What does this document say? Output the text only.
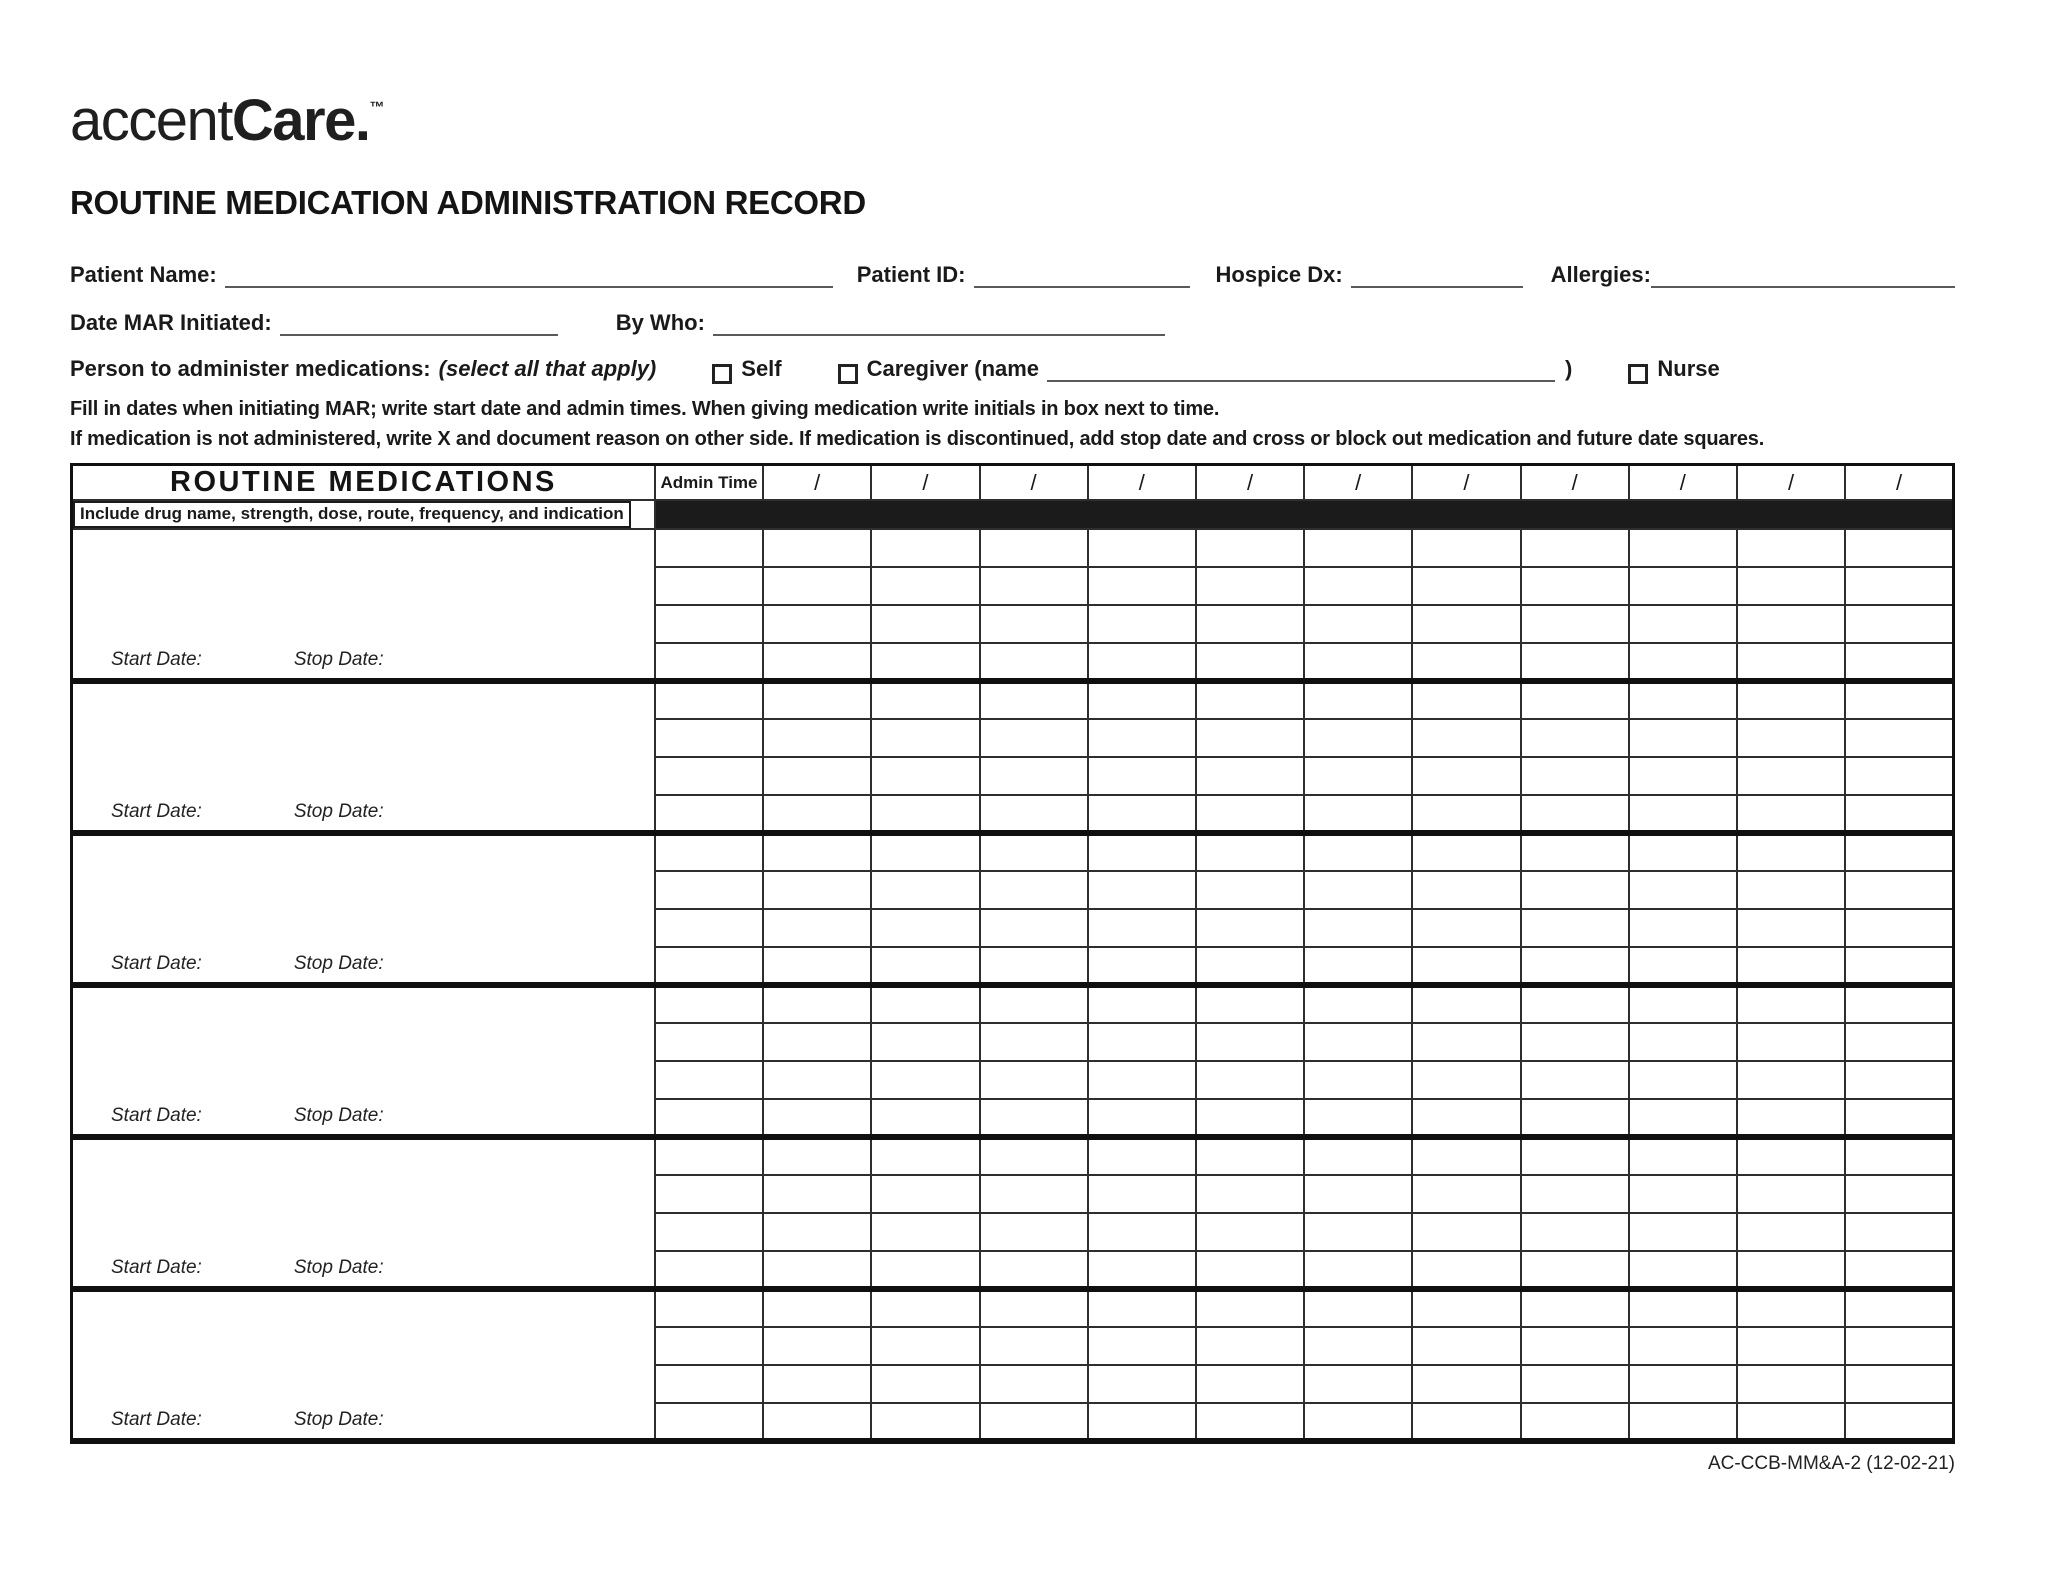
accentCare.™
ROUTINE MEDICATION ADMINISTRATION RECORD
Patient Name:	Patient ID:	Hospice Dx:	Allergies:
Date MAR Initiated:	By Who:
Person to administer medications: (select all that apply)	Self	Caregiver (name	)	Nurse
Fill in dates when initiating MAR; write start date and admin times. When giving medication write initials in box next to time.
If medication is not administered, write X and document reason on other side. If medication is discontinued, add stop date and cross or block out medication and future date squares.
ROUTINE MEDICATIONS	Admin Time	/	/	/	/	/	/	/	/	/	/	/
Include drug name, strength, dose, route, frequency, and indication												

Start Date: Stop Date:												

Start Date: Stop Date:												

Start Date: Stop Date:												

Start Date: Stop Date:												

Start Date: Stop Date:												

Start Date: Stop Date:												

AC-CCB-MM&A-2 (12-02-21)
